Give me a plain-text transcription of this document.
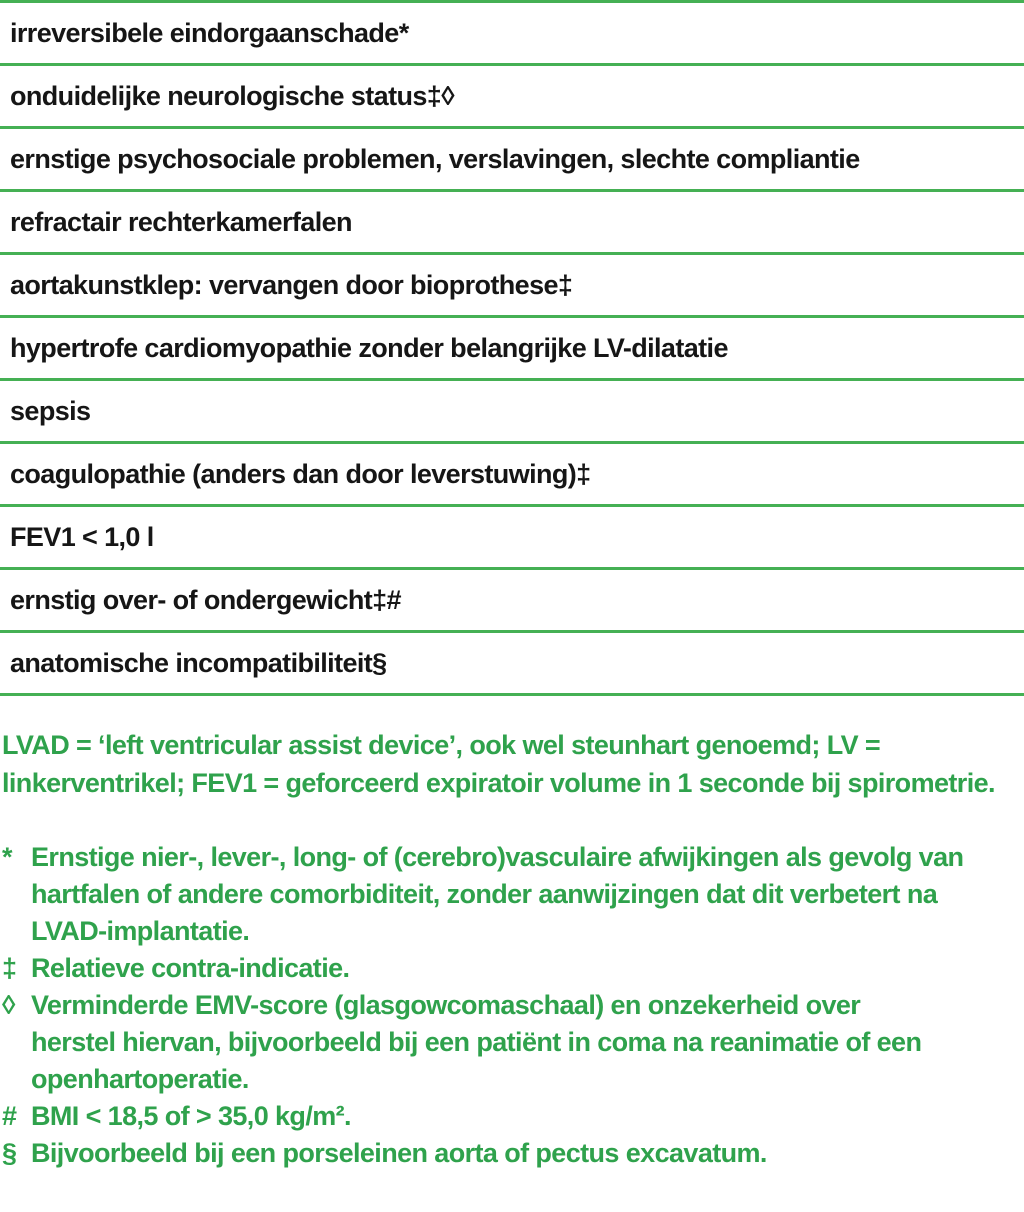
irreversibele eindorgaanschade*
onduidelijke neurologische status‡◊
ernstige psychosociale problemen, verslavingen, slechte compliantie
refractair rechterkamerfalen
aortakunstklep: vervangen door bioprothese‡
hypertrofe cardiomyopathie zonder belangrijke LV-dilatatie
sepsis
coagulopathie (anders dan door leverstuwing)‡
FEV1 < 1,0 l
ernstig over- of ondergewicht‡#
anatomische incompatibiliteit§
LVAD = ‘left ventricular assist device’, ook wel steunhart genoemd; LV =
linkerventrikel; FEV1 = geforceerd expiratoir volume in 1 seconde bij spirometrie.
* Ernstige nier-, lever-, long- of (cerebro)vasculaire afwijkingen als gevolg van
hartfalen of andere comorbiditeit, zonder aanwijzingen dat dit verbetert na
LVAD-implantatie.
‡ Relatieve contra-indicatie.
◊ Verminderde EMV-score (glasgowcomaschaal) en onzekerheid over
herstel hiervan, bijvoorbeeld bij een patiënt in coma na reanimatie of een
openhartoperatie.
# BMI < 18,5 of > 35,0 kg/m².
§ Bijvoorbeeld bij een porseleinen aorta of pectus excavatum.
